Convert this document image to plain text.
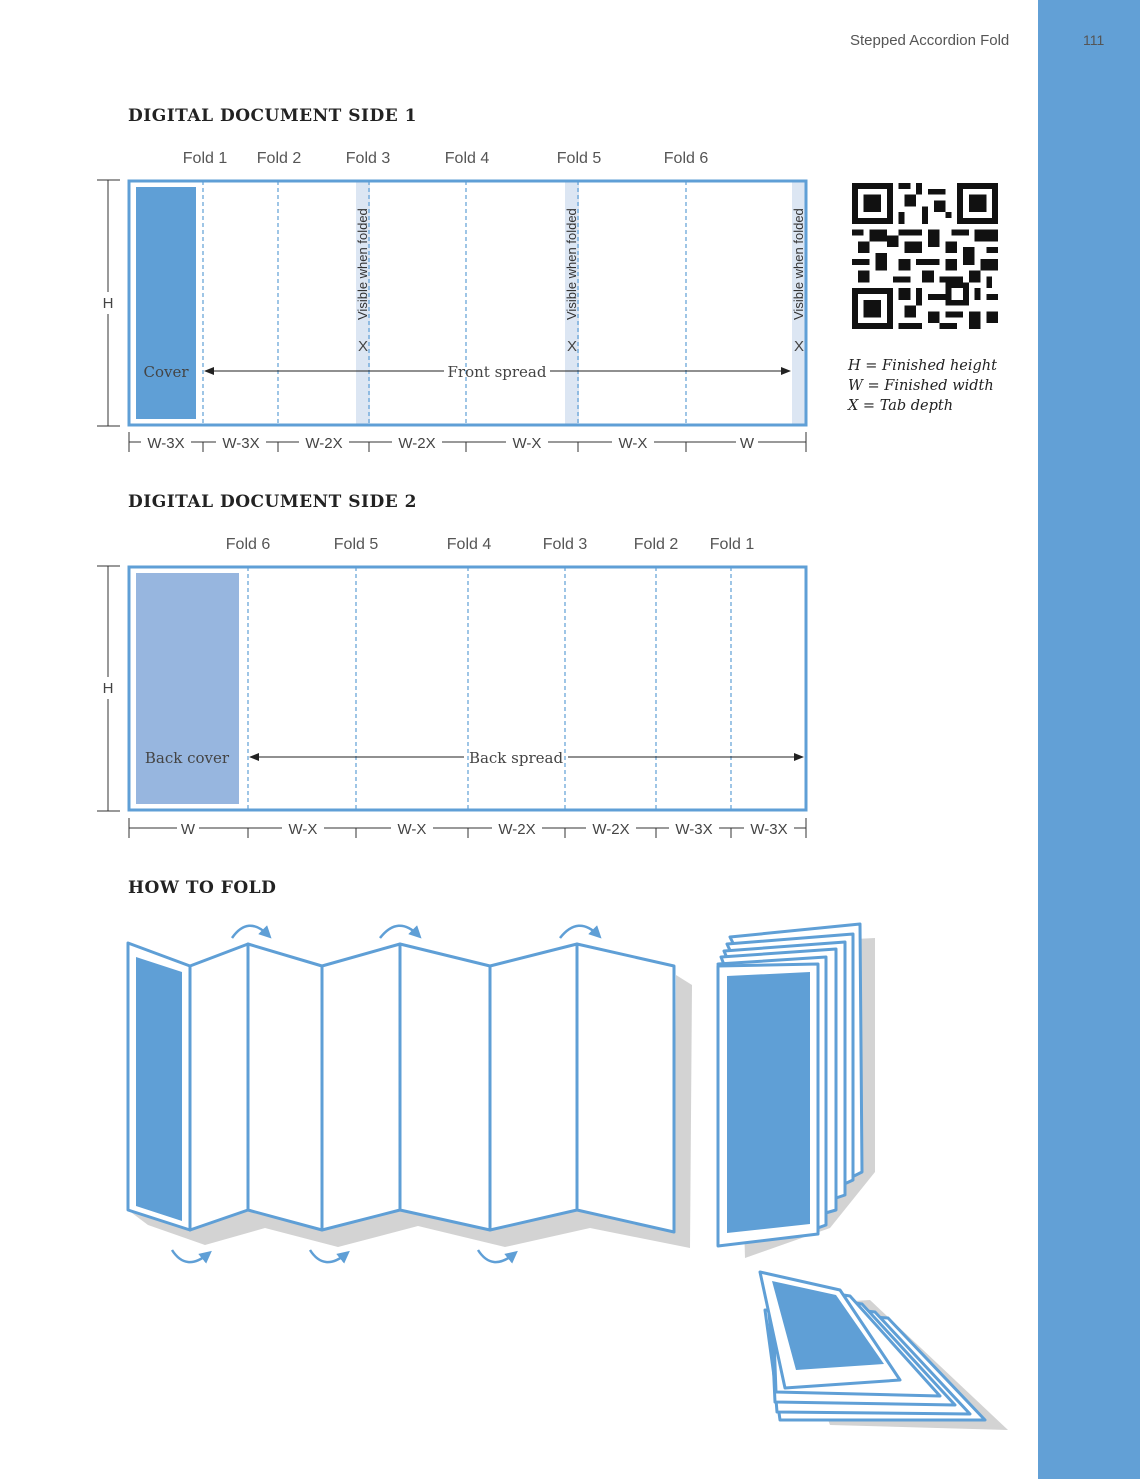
Stepped Accordion Fold	111
DIGITAL DOCUMENT SIDE 1
DIGITAL DOCUMENT SIDE 2
HOW TO FOLD
Fold 1 Fold 2	Fold 3	Fold 4	Fold 5	Fold 6
H
Cover
Visible when folded	Visible when folded	Visible when folded
X	X	X
Front spread
W-3X	W-3X	W-2X	W-2X	W-X	W-X	W
H = Finished height
W = Finished width
X = Tab depth
Fold 6	Fold 5	Fold 4	Fold 3	Fold 2 Fold 1
H
Back cover	Back spread
W	W-X	W-X	W-2X	W-2X	W-3X	W-3X
